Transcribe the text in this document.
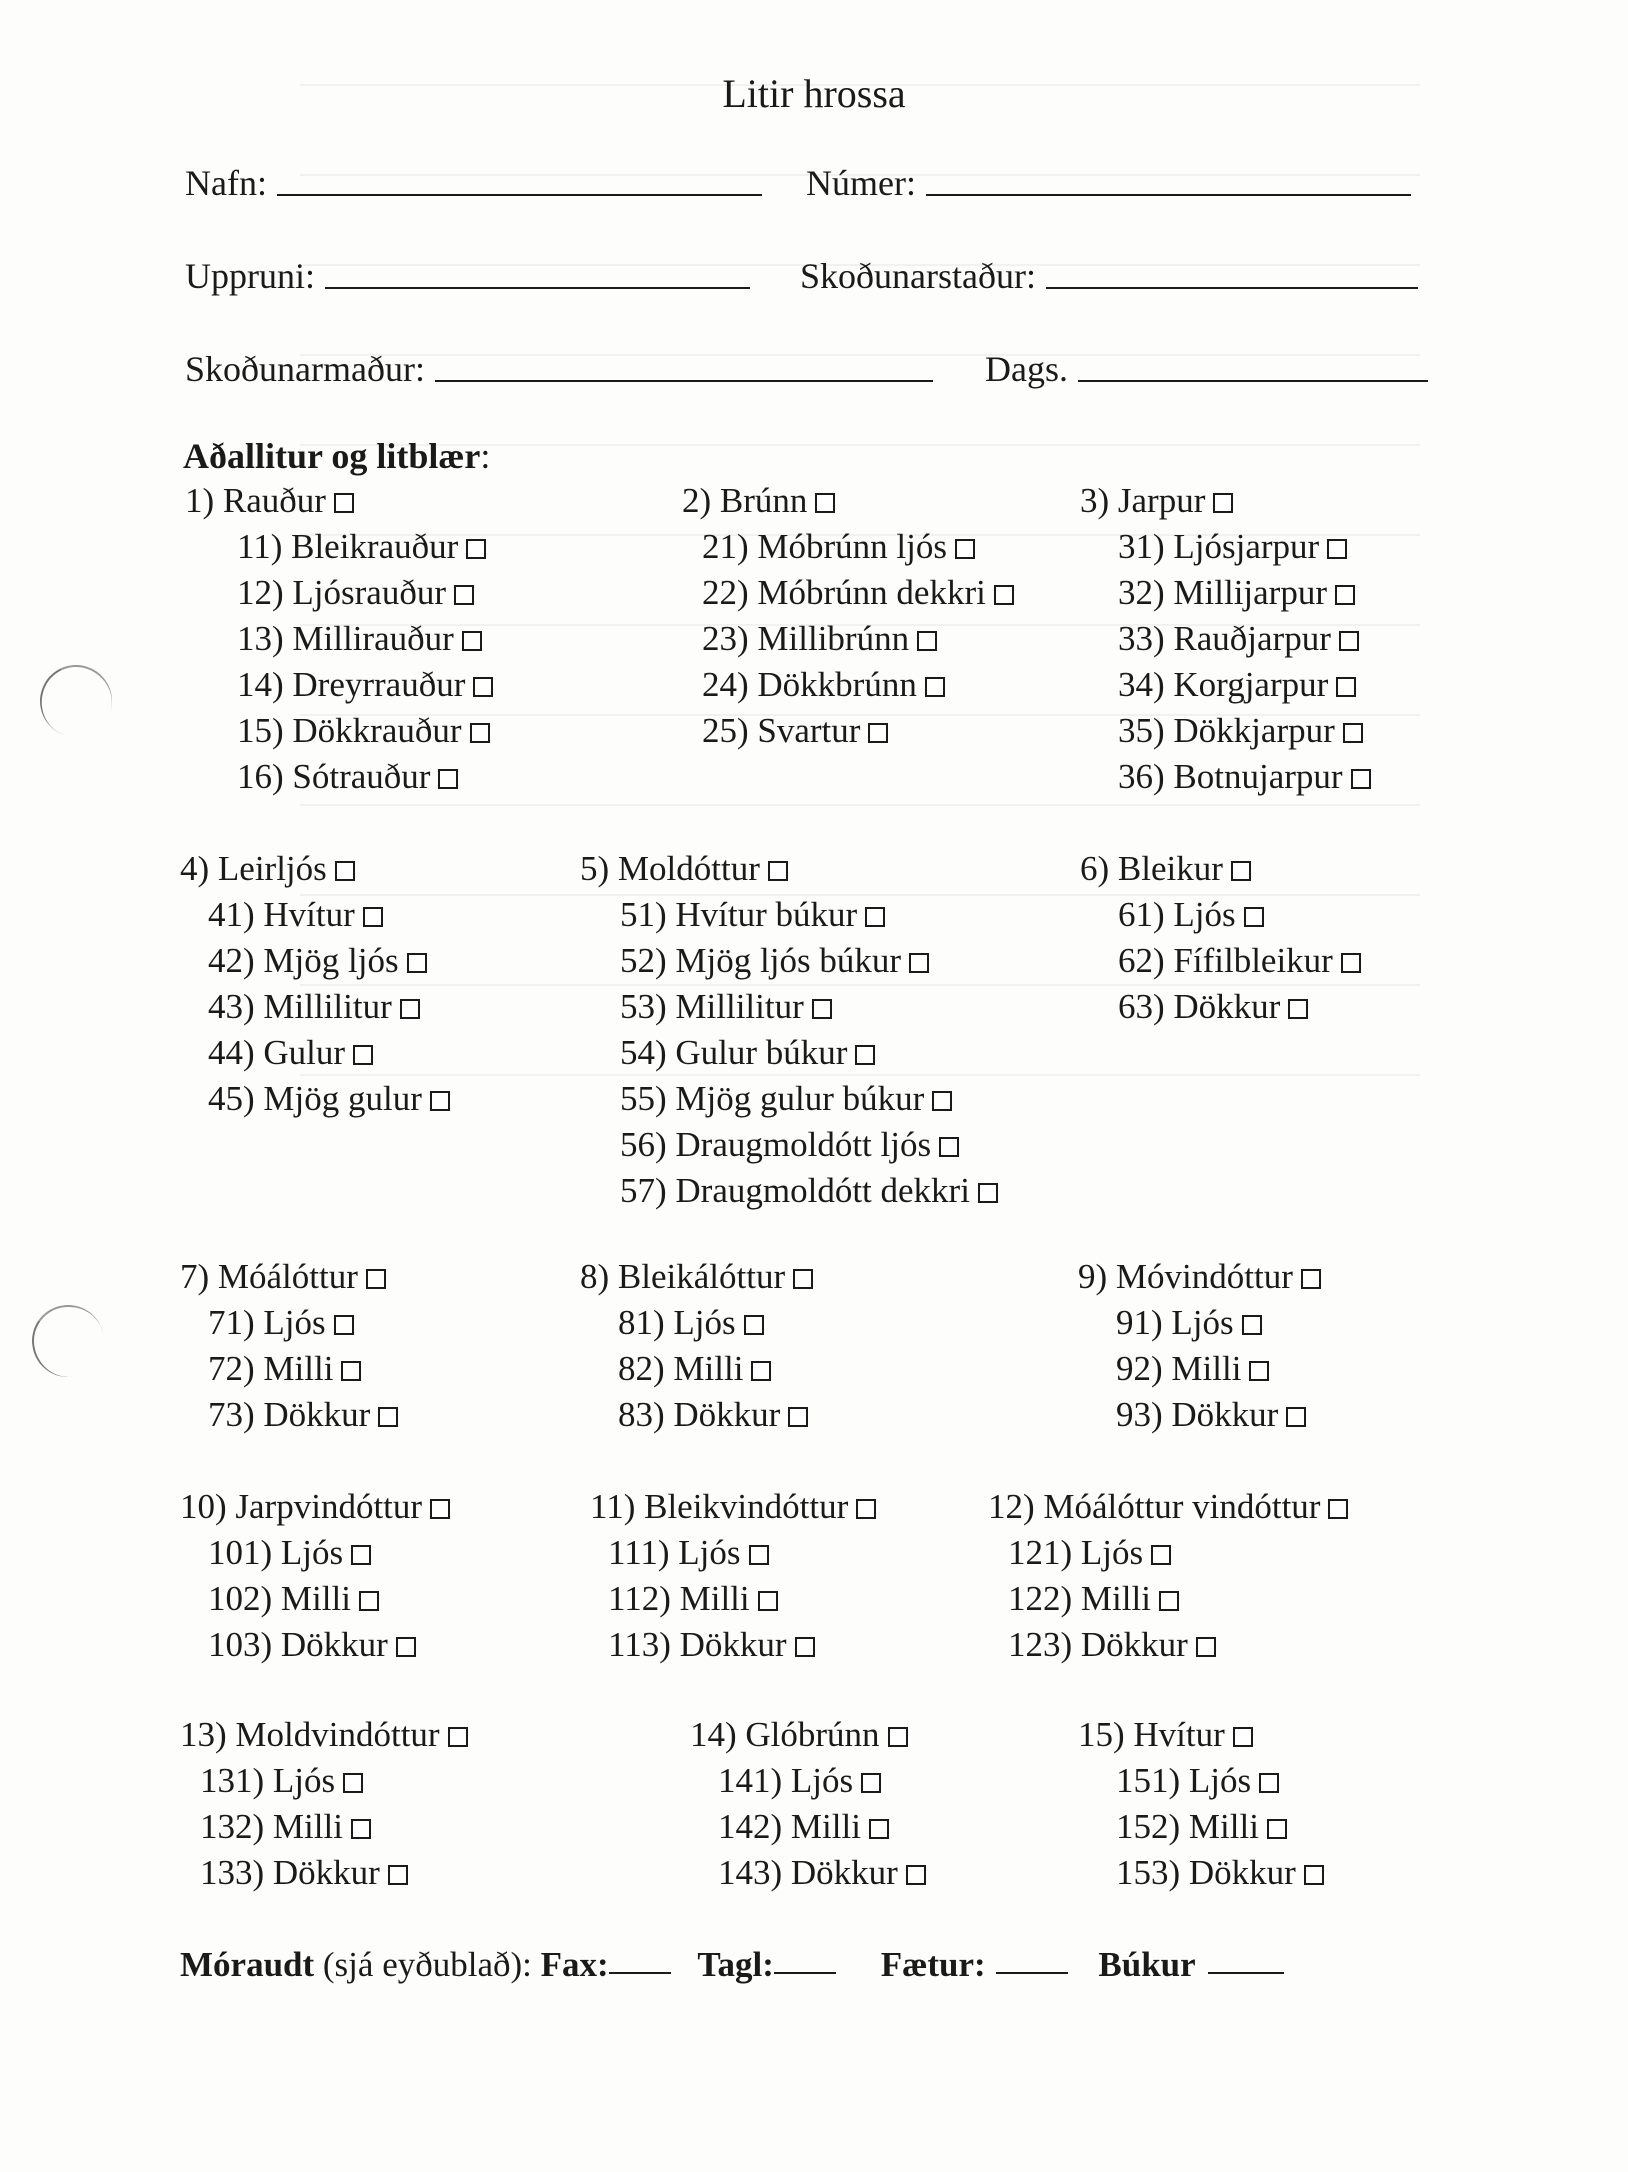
Litir hrossa
Nafn:	Númer:
Uppruni:	Skoðunarstaður:
Skoðunarmaður:	Dags.
Aðallitur og litblær:
1) Rauður
11) Bleikrauður
12) Ljósrauður
13) Millirauður
14) Dreyrrauður
15) Dökkrauður
16) Sótrauður
2) Brúnn
21) Móbrúnn ljós
22) Móbrúnn dekkri
23) Millibrúnn
24) Dökkbrúnn
25) Svartur
3) Jarpur
31) Ljósjarpur
32) Millijarpur
33) Rauðjarpur
34) Korgjarpur
35) Dökkjarpur
36) Botnujarpur
4) Leirljós
41) Hvítur
42) Mjög ljós
43) Millilitur
44) Gulur
45) Mjög gulur
5) Moldóttur
51) Hvítur búkur
52) Mjög ljós búkur
53) Millilitur
54) Gulur búkur
55) Mjög gulur búkur
56) Draugmoldótt ljós
57) Draugmoldótt dekkri
6) Bleikur
61) Ljós
62) Fífilbleikur
63) Dökkur
7) Móálóttur
71) Ljós
72) Milli
73) Dökkur
8) Bleikálóttur
81) Ljós
82) Milli
83) Dökkur
9) Móvindóttur
91) Ljós
92) Milli
93) Dökkur
10) Jarpvindóttur
101) Ljós
102) Milli
103) Dökkur
11) Bleikvindóttur
111) Ljós
112) Milli
113) Dökkur
12) Móálóttur vindóttur
121) Ljós
122) Milli
123) Dökkur
13) Moldvindóttur
131) Ljós
132) Milli
133) Dökkur
14) Glóbrúnn
141) Ljós
142) Milli
143) Dökkur
15) Hvítur
151) Ljós
152) Milli
153) Dökkur
Móraudt (sjá eyðublað): Fax:	Tagl:	Fætur:	Búkur
